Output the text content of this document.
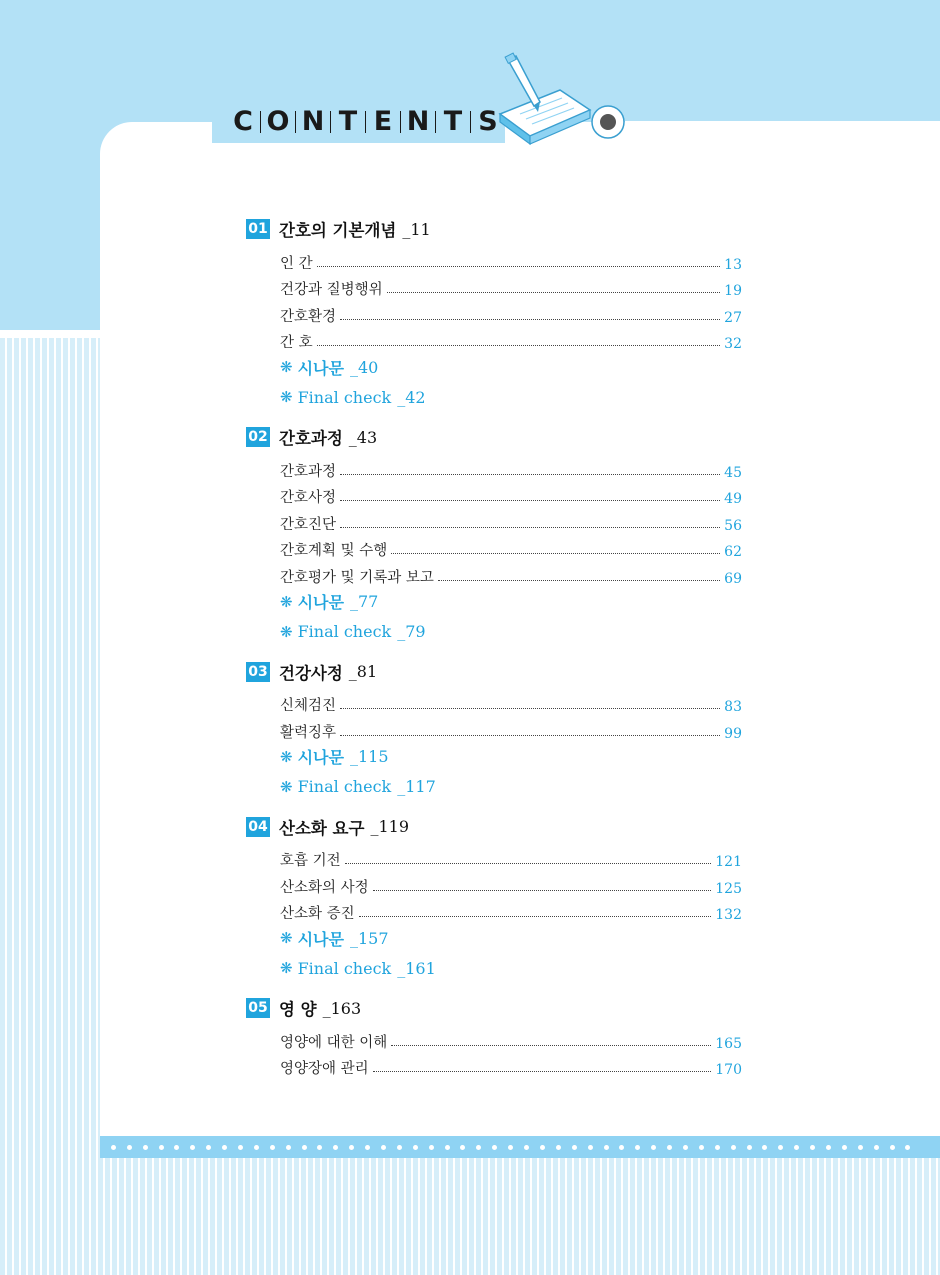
C O N T E N T S
01 간호의 기본개념 _11
인 간	13
건강과 질병행위	19
간호환경	27
간 호	32
❋ 시나문 _40
❋ Final check _42
02 간호과정 _43
간호과정	45
간호사정	49
간호진단	56
간호계획 및 수행	62
간호평가 및 기록과 보고	69
❋ 시나문 _77
❋ Final check _79
03 건강사정 _81
신체검진	83
활력징후	99
❋ 시나문 _115
❋ Final check _117
04 산소화 요구 _119
호흡 기전	121
산소화의 사정	125
산소화 증진	132
❋ 시나문 _157
❋ Final check _161
05 영 양 _163
영양에 대한 이해	165
영양장애 관리	170
